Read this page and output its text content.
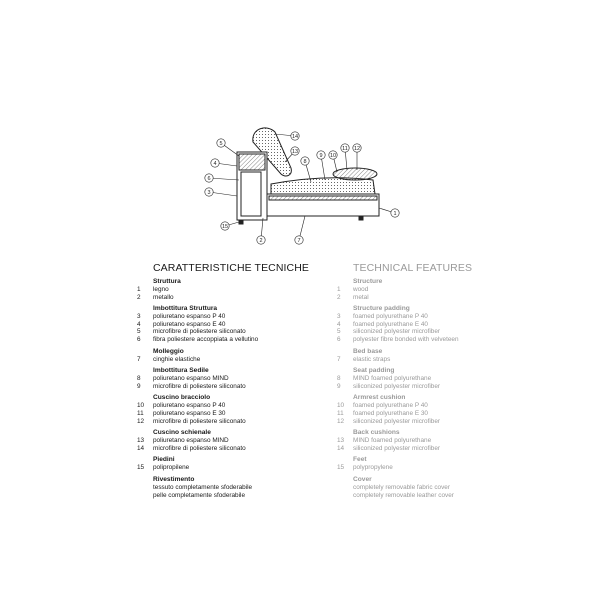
1
2
3
4
5
6
7
8
9 10
11 12
13
14
15
CARATTERISTICHE TECNICHE
Struttura
1	legno
2	metallo
Imbottitura Struttura
3	poliuretano espanso P 40
4	poliuretano espanso E 40
5	microfibre di poliestere siliconato
6	fibra poliestere accoppiata a vellutino
Molleggio
7	cinghie elastiche
Imbottitura Sedile
8	poliuretano espanso MIND
9	microfibre di poliestere siliconato
Cuscino bracciolo
10	poliuretano espanso P 40
11	poliuretano espanso E 30
12	microfibre di poliestere siliconato
Cuscino schienale
13	poliuretano espanso MIND
14	microfibre di poliestere siliconato
Piedini
15	polipropilene
Rivestimento
tessuto completamente sfoderabile
pelle completamente sfoderabile
TECHNICAL FEATURES
Structure
1	wood
2	metal
Structure padding
3	foamed polyurethane P 40
4	foamed polyurethane E 40
5	siliconized polyester microfiber
6	polyester fibre bonded with velveteen
Bed base
7	elastic straps
Seat padding
8	MIND foamed polyurethane
9	siliconized polyester microfiber
Armrest cushion
10	foamed polyurethane P 40
11	foamed polyurethane E 30
12	siliconized polyester microfiber
Back cushions
13	MIND foamed polyurethane
14	siliconized polyester microfiber
Feet
15	polypropylene
Cover
completely removable fabric cover
completely removable leather cover
